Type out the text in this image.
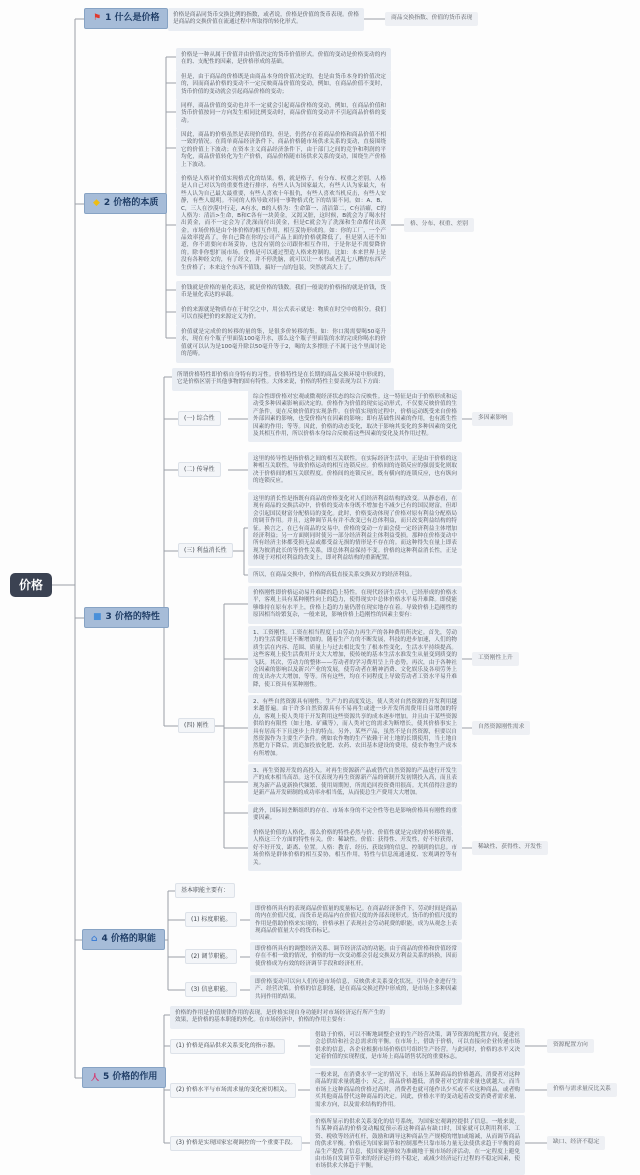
价格
⚑ 1 什么是价格	价格是商品同货币交换比例的指数，或者说，价格是价值的货币表现。价格是商品的交换价值在流通过程中所取得的转化形式。
商品交换指数、价值的货币表现
◆ 2 价格的本质
价格是一种从属于价值并由价值决定的货币价值形式。价值的变动是价格变动的内在的、支配性的因素，是价格形成的基础。
但是，由于商品的价格既是由商品本身的价值决定的，也是由货币本身的价值决定的，因而商品价格的变动不一定反映商品价值的变动，例如，在商品价值不变时，货币价值的变动就会引起商品价格的变动；
同样，商品价值的变动也并不一定就会引起商品价格的变动，例如，在商品价值和货币价值按同一方向发生相同比例变动时，商品价值的变动并不引起商品价格的变动。
因此，商品的价格虽然是表现价值的，但是，仍然存在着商品价格和商品价值不相一致的情况。在简单商品经济条件下，商品价格随市场供求关系的变动，直接围绕它的价值上下波动；在资本主义商品经济条件下，由于部门之间的竞争和利润的平均化，商品价值转化为生产价格，商品价格随市场供求关系的变动，围绕生产价格上下波动。
价格是人格对价值实现格式化的结果。格，就是格子，有分布、权重之差别。人格是人自己对以为的重要性进行排序，有些人认为国家最大，有些人认为家最大，有些人认为自己最大最重要，有些人喜欢十年报仇，有些人喜欢当机反击，有些人安静，有些人聪明。不同的人格导致对同一事物格式化下的结果不同。如：A、B、C，三人在沙漠中行走，A有水，B的人格为：生命第一、清洁第二，C有洁癖，C的人格为：清洁>生命，B和C各有一块黄金，又渴又脏，这时候，B就会为了喝水付出黄金，而不一定会为了洗澡而付出黄金，但是C就会为了洗澡和生命都付出黄金。市场价格是由个体价格的相互作用，相互妥协形成的。如：你的工厂，一个产品效率提高了，你自己降在你的公司产品上面的价格就降低了，但是别人还不知道，你不需要向市场妥协，也没有别的公司跟你相互作用，于是你是不需要降价的。除非你想扩展市场。价格是可以通过塑造人格来控制的。比如：本来世界上是没有各种经文的，有了经文，并不停洗脑，就可以让一本书或者乱七八糟的东西产生价格了；本来这个东西不值钱，搞好一点的包装，突然就高大上了。
价钱就是价格的量化表达，就是价格的钱数。我们一般说的价格指的就是价钱，货币是量化表达的承载。
价的来源就是物质存在于时空之中，用公式表示就是：物质在时空中的积分。我们可以直接把价的来源定义为价。
价值就是完成价的转移的量的集，是很多价转移的集。如：你口渴需要喝50毫升水，现在有个瓶子里面装100毫升水，那么这个瓶子里面装的水的完成你喝水的价值就可以认为是100毫升除以50毫升等于2，喝的太多撑肚子不属于这个里面讨论的范畴。
格、分布、权重、差别
■ 3 价格的特性
所谓价格特性即价格自身特有的习性。价格特性是在长期的商品交换环境中形成的，它是价格区别于其他事物的固有特性。大体来说，价格的特性主要表现为以下方面：
(一) 综合性
综合性即价格对宏观或微观经济状态的综合反映性。这一特征是由于价格形成和运动受多种因素影响而决定的。价格作为价值的现实运动形式，不仅要反映价值的生产条件，更在反映价值的实现条件。在价值实现的过程中，价格运动既受来自价格外部因素的影响，也受价格内在因素的影响；即有基础性因素的作用，也有派生性因素的作用；等等。因此，价格的动态变化，取决于影响其变化的多种因素的变化及其相互作用，所以价格本身综合反映着这些因素的变化及其作用过程。
多因素影响
(二) 传导性
这里的传导性是指价格之间的相互关联性。在实际经济生活中，正是由于价格的这种相互关联性，导致价格运动的相互连锁反应。价格间的连锁反应的强弱变化则取决于价格间的相互关联程度。价格间的连锁反应，既有横向的连锁反应，也有纵向的连锁反应。
(三) 利益消长性
这里的消长性是指既有商品的价格变化对人们经济利益结构的改变。从静态看，在现有商品的交换活动中，价格的变动本身既不增加也不减少已有的国民财富，但却会引起国民财富分配格局的变化。此时，价格变动体现了价格对原有利益分配格局的调节作用。并且，这种调节具有并不改变已有总体利益，而只改变利益结构的特征。换言之，在已有商品的交易中，价格的变动一方面会使一定经济利益主体增加经济利益；另一方面则同时使另一部分经济利益主体利益受损。那种在价格变动中所有经济主体都受损无益或都受益无损的情形是不存在的。而这种得失在量上即表现为彼消此长的等价性关系，即总体利益保持不变。价格的这种利益消长性，正是体现于对相对利益的改变上，即对利益结构的重新配置。
所以，在商品交换中，价格的高低直接关系交换双方的经济利益。
(四) 刚性
价格刚性即价格运动易升难降的趋上特性。在现代经济生活中，已经形成的价格水平，客观上具有某种刚性向上的趋力，使得现实中总体价格水平易升难降。即使能够维持在原有水平上，价格上趋的力量仍潜在现实地存在着。导致价格上趋刚性的原因相当纷繁复杂，一般来说，影响价格上趋刚性的因素主要有：
1、工资刚性。工资在相当程度上由劳动力再生产的各种费用所决定。首先，劳动力的生活费用是不断增加的。随着生产力的不断发展，科技的进步加速，人们的物质生活在内容、范围、质量上与过去相比发生了根本性变化，生活水平持续提高。这些客观上使生活费用开支大大增加，使传统的基本生活水准发生从量变到质变的飞跃。其次，劳动力的整体——劳动者的学习费用呈上升态势。再次，由于各种社会因素的影响以及新兴产业的发展，使劳动者在精神消费、文化娱乐及各项劳务上的支出亦大大增加，等等。所有这些，均在不同程度上导致劳动者工资水平易升难降，使工资具有某种刚性。
工资刚性上升
2、有些自然资源具有刚性。生产力的高度发达，使人类对自然资源的开发利用越来越普遍。由于许多自然资源具有不易再生或进一步开发所需费用日益增加的特点，客观上使人类用于开发利用这些资源共享的成本逐步增加。并且由于某些资源供给的有限性（如土地、矿藏等），而人类对它的需求为断增长，使其价格事实上具有居高不下且逐步上升的特点。另外，某些产品，虽然不是自然资源，但要以自然资源作为主要生产条件。例如农作物的生产依赖于对土地的长期使用，当土地自然肥力下降后，需追加投放化肥、农药、农田基本建设的费用，使农作物生产成本有所增加。
自然资源刚性需求
3、再生资源开发的高投入。对再生资源新产品或替代自然资源的产品进行开发生产的成本相当高昂。这不仅表现为再生资源新产品的研制开发初期投入高，而且表现为新产品更新换代频繁、使用周期短，所需追回投资费用很高。尤其值得注意的是新产品开发研制的成功率亦相当低，从而使总生产费用大大增加。
此外，国际间垄断组织的存在、市场本身的不完全性等也是影响价格具有刚性的重要因素。
价格是价值的人格化。那么价格的特性必然与价、价值性就是完成的价转移的量、人格这三个方面的特性有关。价：稀缺性。价值：获得性、开发性，好不好获得，好不好开发，距离、位置。人格：教育、经历、获取到的信息、控制到的信息。市场价格是群体价格的相互妥协，相互作用，特性与信息流通速度、宏观调控等有关。
稀缺性、获得性、开发性
⌂ 4 价格的职能
基本职能主要有：
(1) 标度职能。
即价格所具有的表现商品价值量的度量标记。在商品经济条件下，劳动时间是商品的内在价值尺度，而货币是商品内在价值尺度的外部表现形式。货币的价值尺度的作用是借助价格来实现的，价格承担了表现社会劳动耗费的职能，成为从观念上表现商品价值量大小的货币标记。
(2) 调节职能。
即价格所具有的调整经济关系、调节经济活动的功能。由于商品的价格和价值经常存在不相一致的情况，价格的每一次变动都会引起交换双方利益关系的转换，因而使价格成为有效的经济调节手段和经济杠杆。
(3) 信息职能。
即价格变动可以向人们传递市场信息，反映供求关系变化状况，引导企业进行生产、经营决策。价格的信息职能，是在商品交换过程中形成的，是市场上多种因素共同作用的结果。
人 5 价格的作用
价格的作用是价值规律作用的表现，是价格实现自身功能时对市场经济运行所产生的效果，是价格的基本职能的外化。在市场经济中，价格的作用主要有：
(1) 价格是商品供求关系变化的指示器。
借助于价格，可以不断地调整企业的生产经营决策，调节资源的配置方向，促进社会总供给和社会总需求的平衡。在市场上，借助于价格，可以直接向企业传递市场供求的信息，各企业根据市场价格信号组织生产经营。与此同时，价格的水平又决定着价值的实现程度，是市场上商品销售状况的重要标志。
资源配置方向
(2) 价格水平与市场需求量的变化密切相关。
一般来说，在消费水平一定的情况下，市场上某种商品的价格越高，消费者对这种商品的需求量就越小；反之，商品价格越低，消费者对它的需求量也就越大。而当市场上这种商品的价格过高时，消费者也就可能作出少买或不买这种商品，或者购买其他商品替代这种商品的决定。因此，价格水平的变动起着改变消费者需求量、需求方向，以及需求结构的作用。
价格与需求量反比关系
(3) 价格是实现国家宏观调控的一个重要手段。
价格所显示的供求关系变化的信号系统，为国家宏观调控提供了信息。一般来说，当某种商品的价格变动幅度预示着这种商品有缺口时，国家就可以利用利率、工资、税收等经济杠杆，鼓励和调导这种商品生产规模的增加或缩减，从而调节商品的供求平衡。价格还为国家调节和控制那些只靠市场力量无法使供求趋于平衡的商品生产提供了信息，使国家能够较为准确地干预市场经济活动，在一定程度上避免由市场自发调节带来的经济运行的不稳定，或减少经济运行过程的不稳定因素，使市场供求大体趋于平衡。
缺口、经济不稳定
